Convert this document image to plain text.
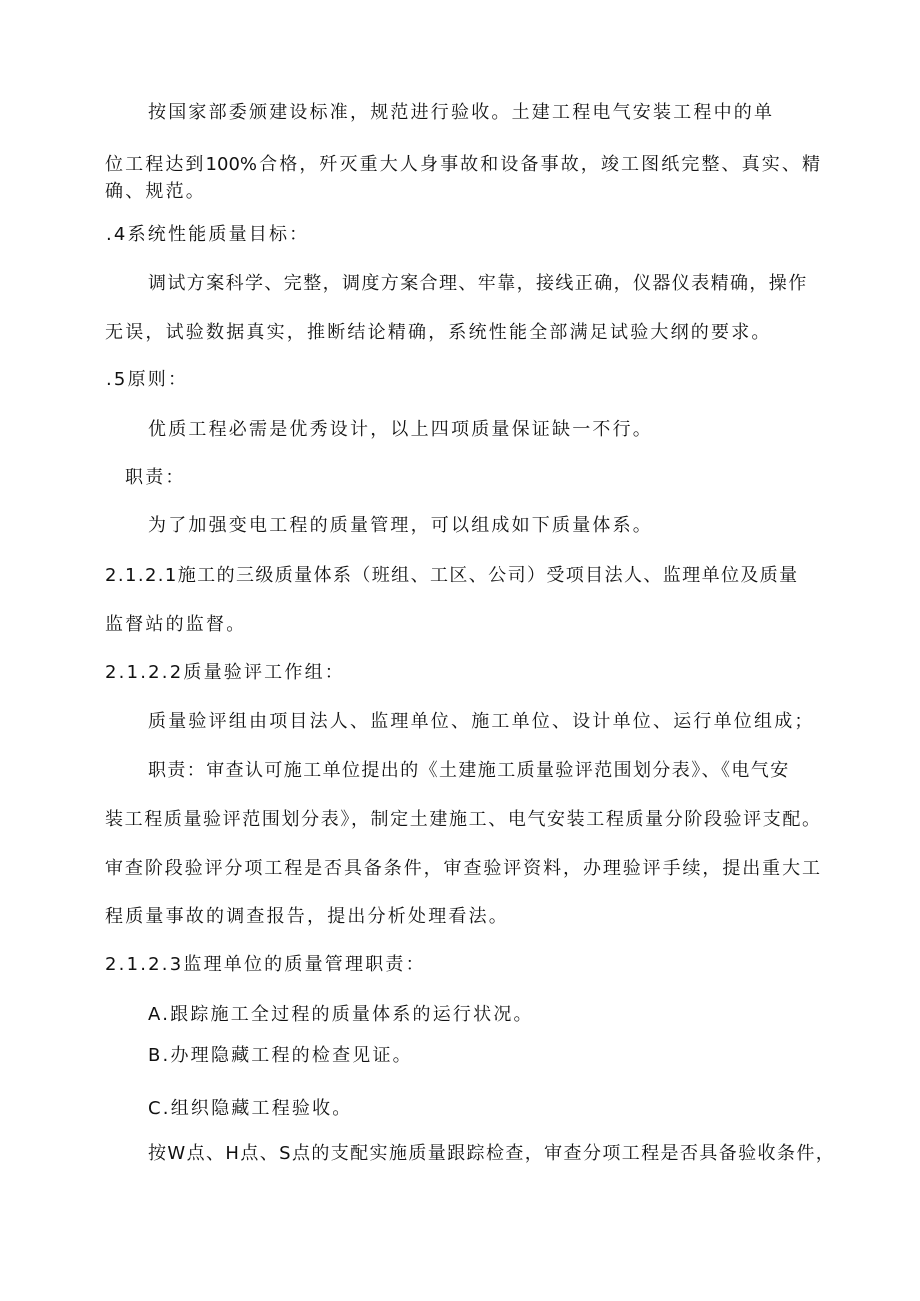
按国家部委颁建设标准，规范进行验收。土建工程电气安装工程中的单
位工程达到100%合格，歼灭重大人身事故和设备事故，竣工图纸完整、真实、精
确、规范。
.4系统性能质量目标：
调试方案科学、完整，调度方案合理、牢靠，接线正确，仪器仪表精确，操作
无误，试验数据真实，推断结论精确，系统性能全部满足试验大纲的要求。
.5原则：
优质工程必需是优秀设计，以上四项质量保证缺一不行。
职责：
为了加强变电工程的质量管理，可以组成如下质量体系。
2.1.2.1施工的三级质量体系（班组、工区、公司）受项目法人、监理单位及质量
监督站的监督。
2.1.2.2质量验评工作组：
质量验评组由项目法人、监理单位、施工单位、设计单位、运行单位组成；
职责：审查认可施工单位提出的《土建施工质量验评范围划分表》、《电气安
装工程质量验评范围划分表》，制定土建施工、电气安装工程质量分阶段验评支配。
审查阶段验评分项工程是否具备条件，审查验评资料，办理验评手续，提出重大工
程质量事故的调查报告，提出分析处理看法。
2.1.2.3监理单位的质量管理职责：
A.跟踪施工全过程的质量体系的运行状况。
B.办理隐藏工程的检查见证。
C.组织隐藏工程验收。
按W点、H点、S点的支配实施质量跟踪检查，审查分项工程是否具备验收条件，
